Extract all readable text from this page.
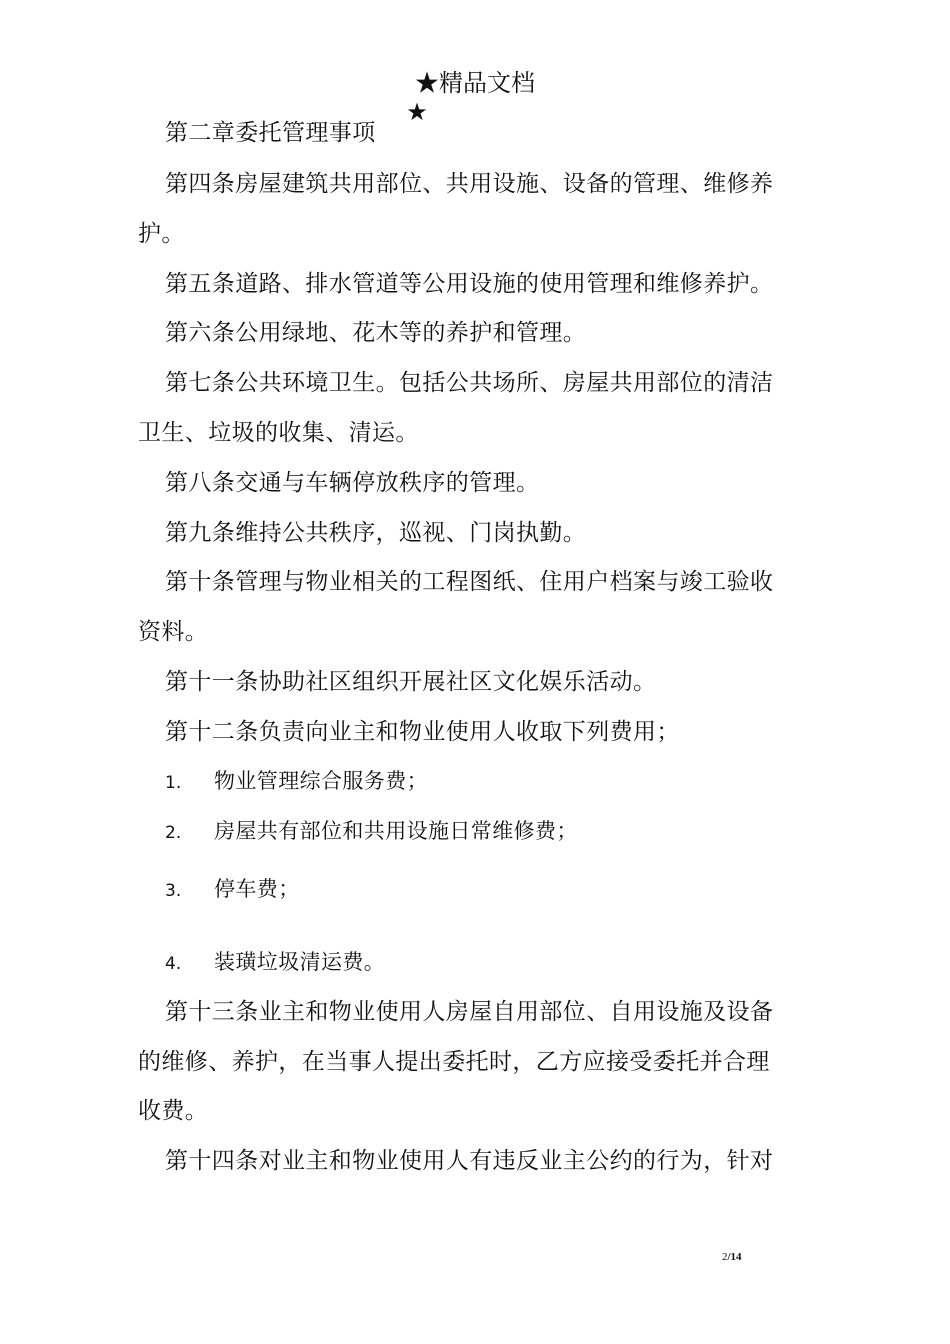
★精品文档
★
第二章委托管理事项
第四条房屋建筑共用部位、共用设施、设备的管理、维修养
护。
第五条道路、排水管道等公用设施的使用管理和维修养护。
第六条公用绿地、花木等的养护和管理。
第七条公共环境卫生。包括公共场所、房屋共用部位的清洁
卫生、垃圾的收集、清运。
第八条交通与车辆停放秩序的管理。
第九条维持公共秩序，巡视、门岗执勤。
第十条管理与物业相关的工程图纸、住用户档案与竣工验收
资料。
第十一条协助社区组织开展社区文化娱乐活动。
第十二条负责向业主和物业使用人收取下列费用；
1. 物业管理综合服务费；
2. 房屋共有部位和共用设施日常维修费；
3. 停车费；
4. 装璜垃圾清运费。
第十三条业主和物业使用人房屋自用部位、自用设施及设备
的维修、养护，在当事人提出委托时，乙方应接受委托并合理
收费。
第十四条对业主和物业使用人有违反业主公约的行为，针对
2/14
